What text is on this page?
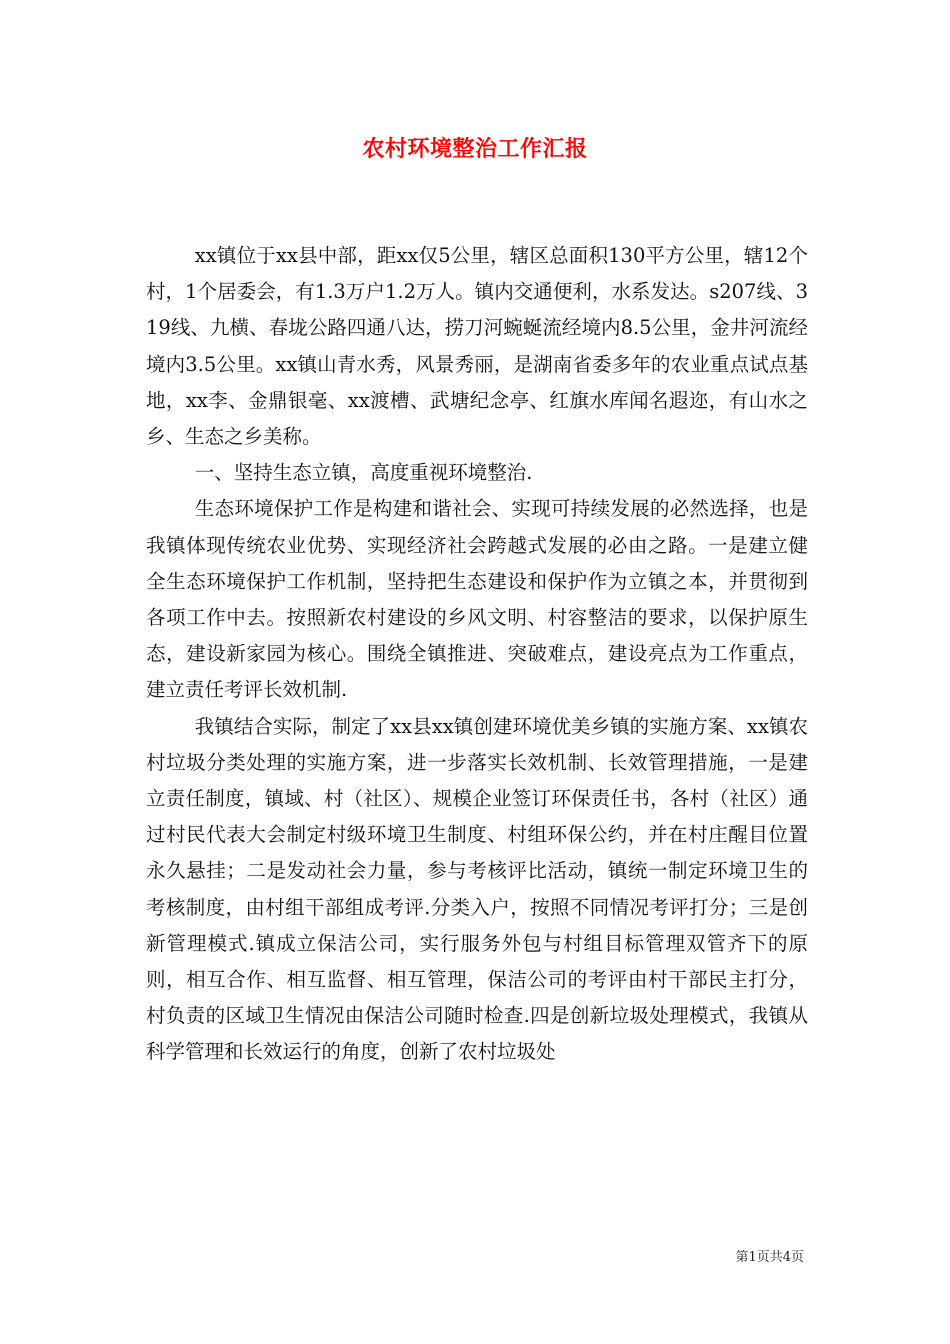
农村环境整治工作汇报

xx镇位于xx县中部，距xx仅5公里，辖区总面积130平方公里，辖12个村，1个居委会，有1.3万户1.2万人。镇内交通便利，水系发达。s207线、319线、九横、春垅公路四通八达，捞刀河蜿蜒流经境内8.5公里，金井河流经境内3.5公里。xx镇山青水秀，风景秀丽，是湖南省委多年的农业重点试点基地，xx李、金鼎银毫、xx渡槽、武塘纪念亭、红旗水库闻名遐迩，有山水之乡、生态之乡美称。

一、坚持生态立镇，高度重视环境整治.

生态环境保护工作是构建和谐社会、实现可持续发展的必然选择，也是我镇体现传统农业优势、实现经济社会跨越式发展的必由之路。一是建立健全生态环境保护工作机制，坚持把生态建设和保护作为立镇之本，并贯彻到各项工作中去。按照新农村建设的乡风文明、村容整洁的要求，以保护原生态，建设新家园为核心。围绕全镇推进、突破难点，建设亮点为工作重点，建立责任考评长效机制.

我镇结合实际，制定了xx县xx镇创建环境优美乡镇的实施方案、xx镇农村垃圾分类处理的实施方案，进一步落实长效机制、长效管理措施，一是建立责任制度，镇域、村（社区）、规模企业签订环保责任书，各村（社区）通过村民代表大会制定村级环境卫生制度、村组环保公约，并在村庄醒目位置永久悬挂；二是发动社会力量，参与考核评比活动，镇统一制定环境卫生的考核制度，由村组干部组成考评.分类入户，按照不同情况考评打分；三是创新管理模式.镇成立保洁公司，实行服务外包与村组目标管理双管齐下的原则，相互合作、相互监督、相互管理，保洁公司的考评由村干部民主打分，村负责的区域卫生情况由保洁公司随时检查.四是创新垃圾处理模式，我镇从科学管理和长效运行的角度，创新了农村垃圾处

第1页共4页
